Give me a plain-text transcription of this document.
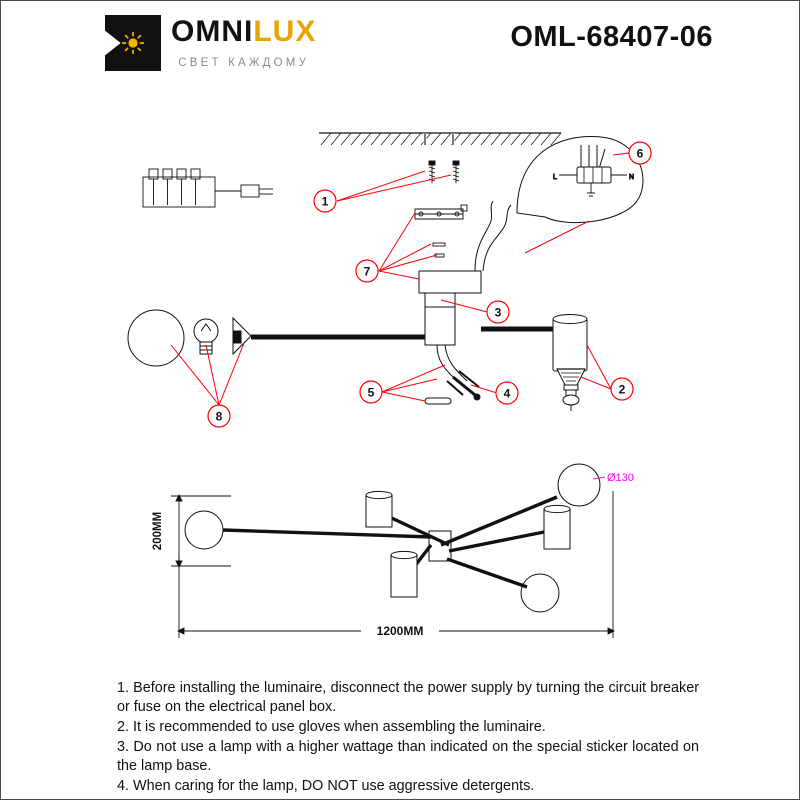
OMNILUX
СВЕТ КАЖДОМУ
OML-68407-06
L	N
1
2
3
4
5
6
7
8
Ø130
200MM
1200MM

1. Before installing the luminaire, disconnect the power supply by turning the circuit breaker or fuse on the electrical panel box.

2. It is recommended to use gloves when assembling the luminaire.

3. Do not use a lamp with a higher wattage than indicated on the special sticker located on the lamp base.

4. When caring for the lamp, DO NOT use aggressive detergents.
